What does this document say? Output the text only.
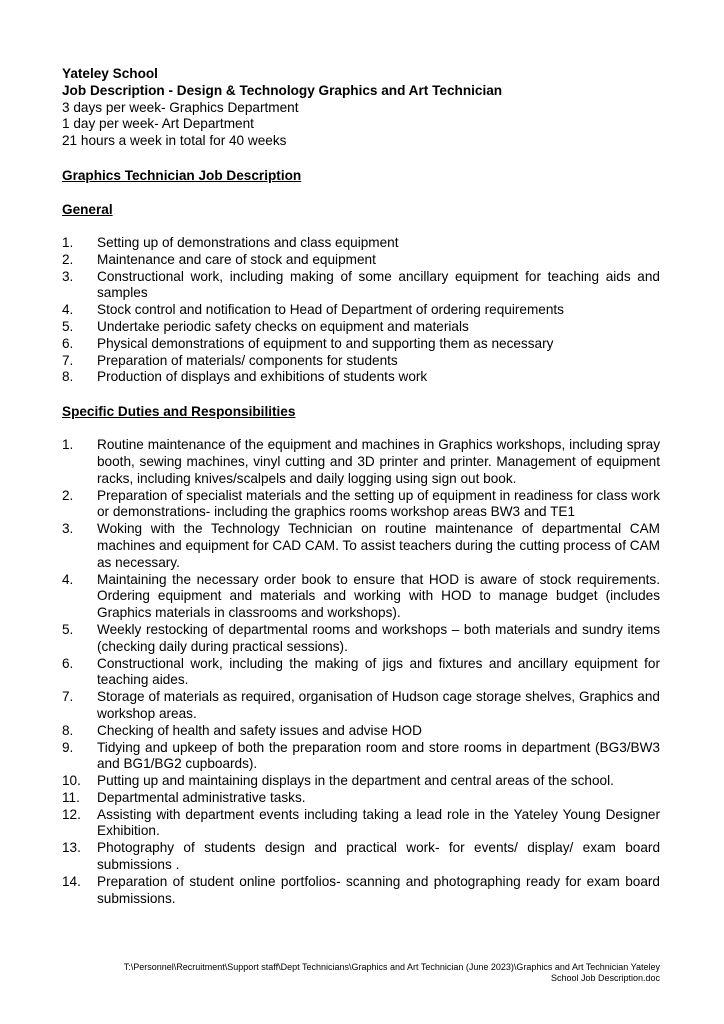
Yateley School
Job Description - Design & Technology Graphics and Art Technician
3 days per week- Graphics Department
1 day per week- Art Department
21 hours a week in total for 40 weeks
Graphics Technician Job Description
General
1.	Setting up of demonstrations and class equipment
2.	Maintenance and care of stock and equipment
3.	Constructional work, including making of some ancillary equipment for teaching aids and samples
4.	Stock control and notification to Head of Department of ordering requirements
5.	Undertake periodic safety checks on equipment and materials
6.	Physical demonstrations of equipment to and supporting them as necessary
7.	Preparation of materials/ components for students
8.	Production of displays and exhibitions of students work
Specific Duties and Responsibilities
1.	Routine maintenance of the equipment and machines in Graphics workshops, including spray booth, sewing machines, vinyl cutting and 3D printer and printer. Management of equipment racks, including knives/scalpels and daily logging using sign out book.
2.	Preparation of specialist materials and the setting up of equipment in readiness for class work or demonstrations- including the graphics rooms workshop areas BW3 and TE1
3.	Woking with the Technology Technician on routine maintenance of departmental CAM machines and equipment for CAD CAM. To assist teachers during the cutting process of CAM as necessary.
4.	Maintaining the necessary order book to ensure that HOD is aware of stock requirements. Ordering equipment and materials and working with HOD to manage budget (includes Graphics materials in classrooms and workshops).
5.	Weekly restocking of departmental rooms and workshops – both materials and sundry items (checking daily during practical sessions).
6.	Constructional work, including the making of jigs and fixtures and ancillary equipment for teaching aides.
7.	Storage of materials as required, organisation of Hudson cage storage shelves, Graphics and workshop areas.
8.	Checking of health and safety issues and advise HOD
9.	Tidying and upkeep of both the preparation room and store rooms in department (BG3/BW3 and BG1/BG2 cupboards).
10.	Putting up and maintaining displays in the department and central areas of the school.
11.	Departmental administrative tasks.
12.	Assisting with department events including taking a lead role in the Yateley Young Designer Exhibition.
13.	Photography of students design and practical work- for events/ display/ exam board submissions .
14.	Preparation of student online portfolios- scanning and photographing ready for exam board submissions.
T:\Personnel\Recruitment\Support staff\Dept Technicians\Graphics and Art Technician (June 2023)\Graphics and Art Technician Yateley
School Job Description.doc
